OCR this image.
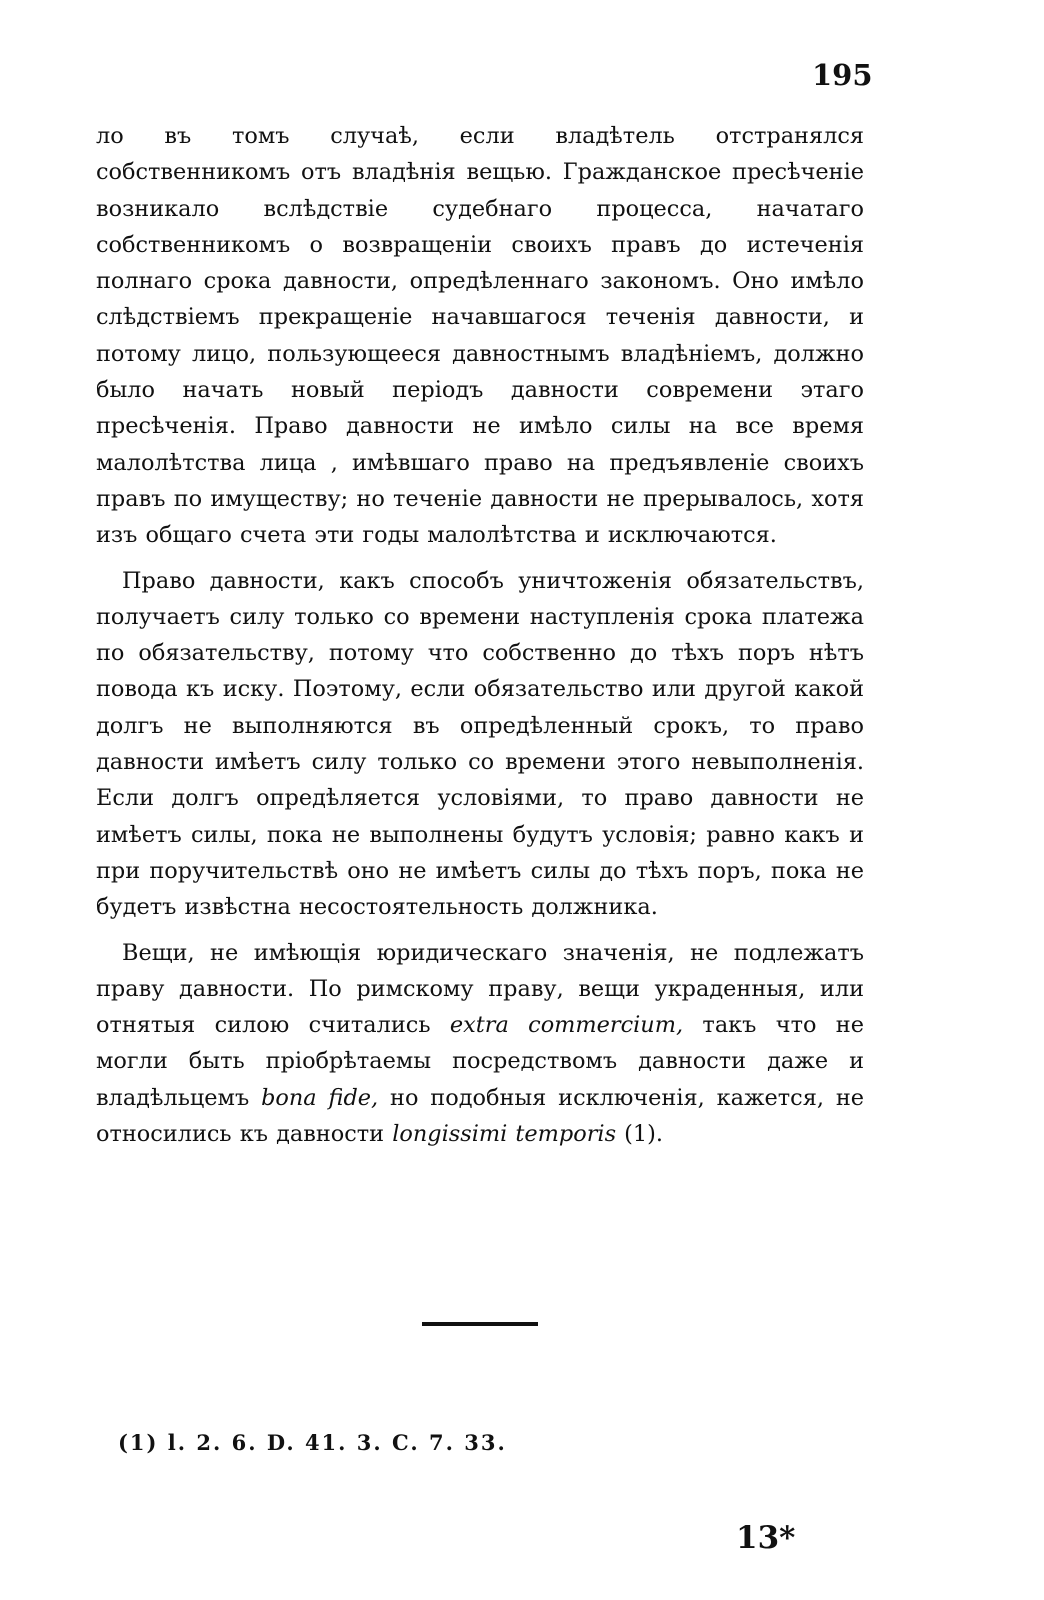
195

ло въ томъ случаѣ, если владѣтель отстранялся собственникомъ отъ владѣнія вещью. Гражданское пресѣченіе возникало вслѣдствіе судебнаго процесса, начатаго собственникомъ о возвращеніи своихъ правъ до истеченія полнаго срока давности, опредѣленнаго закономъ. Оно имѣло слѣдствіемъ прекращеніе начавшагося теченія давности, и потому лицо, пользующееся давностнымъ владѣніемъ, должно было начать новый періодъ давности современи этаго пресѣченія. Право давности не имѣло силы на все время малолѣтства лица , имѣвшаго право на предъявленіе своихъ правъ по имуществу; но теченіе давности не прерывалось, хотя изъ общаго счета эти годы малолѣтства и исключаются.

Право давности, какъ способъ уничтоженія обязательствъ, получаетъ силу только со времени наступленія срока платежа по обязательству, потому что собственно до тѣхъ поръ нѣтъ повода къ иску. Поэтому, если обязательство или другой какой долгъ не выполняются въ опредѣленный срокъ, то право давности имѣетъ силу только со времени этого невыполненія. Если долгъ опредѣляется условіями, то право давности не имѣетъ силы, пока не выполнены будутъ условія; равно какъ и при поручительствѣ оно не имѣетъ силы до тѣхъ поръ, пока не будетъ извѣстна несостоятельность должника.

Вещи, не имѣющія юридическаго значенія, не подлежатъ праву давности. По римскому праву, вещи украденныя, или отнятыя силою считались extra commercium, такъ что не могли быть пріобрѣтаемы посредствомъ давности даже и владѣльцемъ bona fide, но подобныя исключенія, кажется, не относились къ давности longissimi temporis (1).

(1) l. 2. 6. D. 41. 3. C. 7. 33.
13*
